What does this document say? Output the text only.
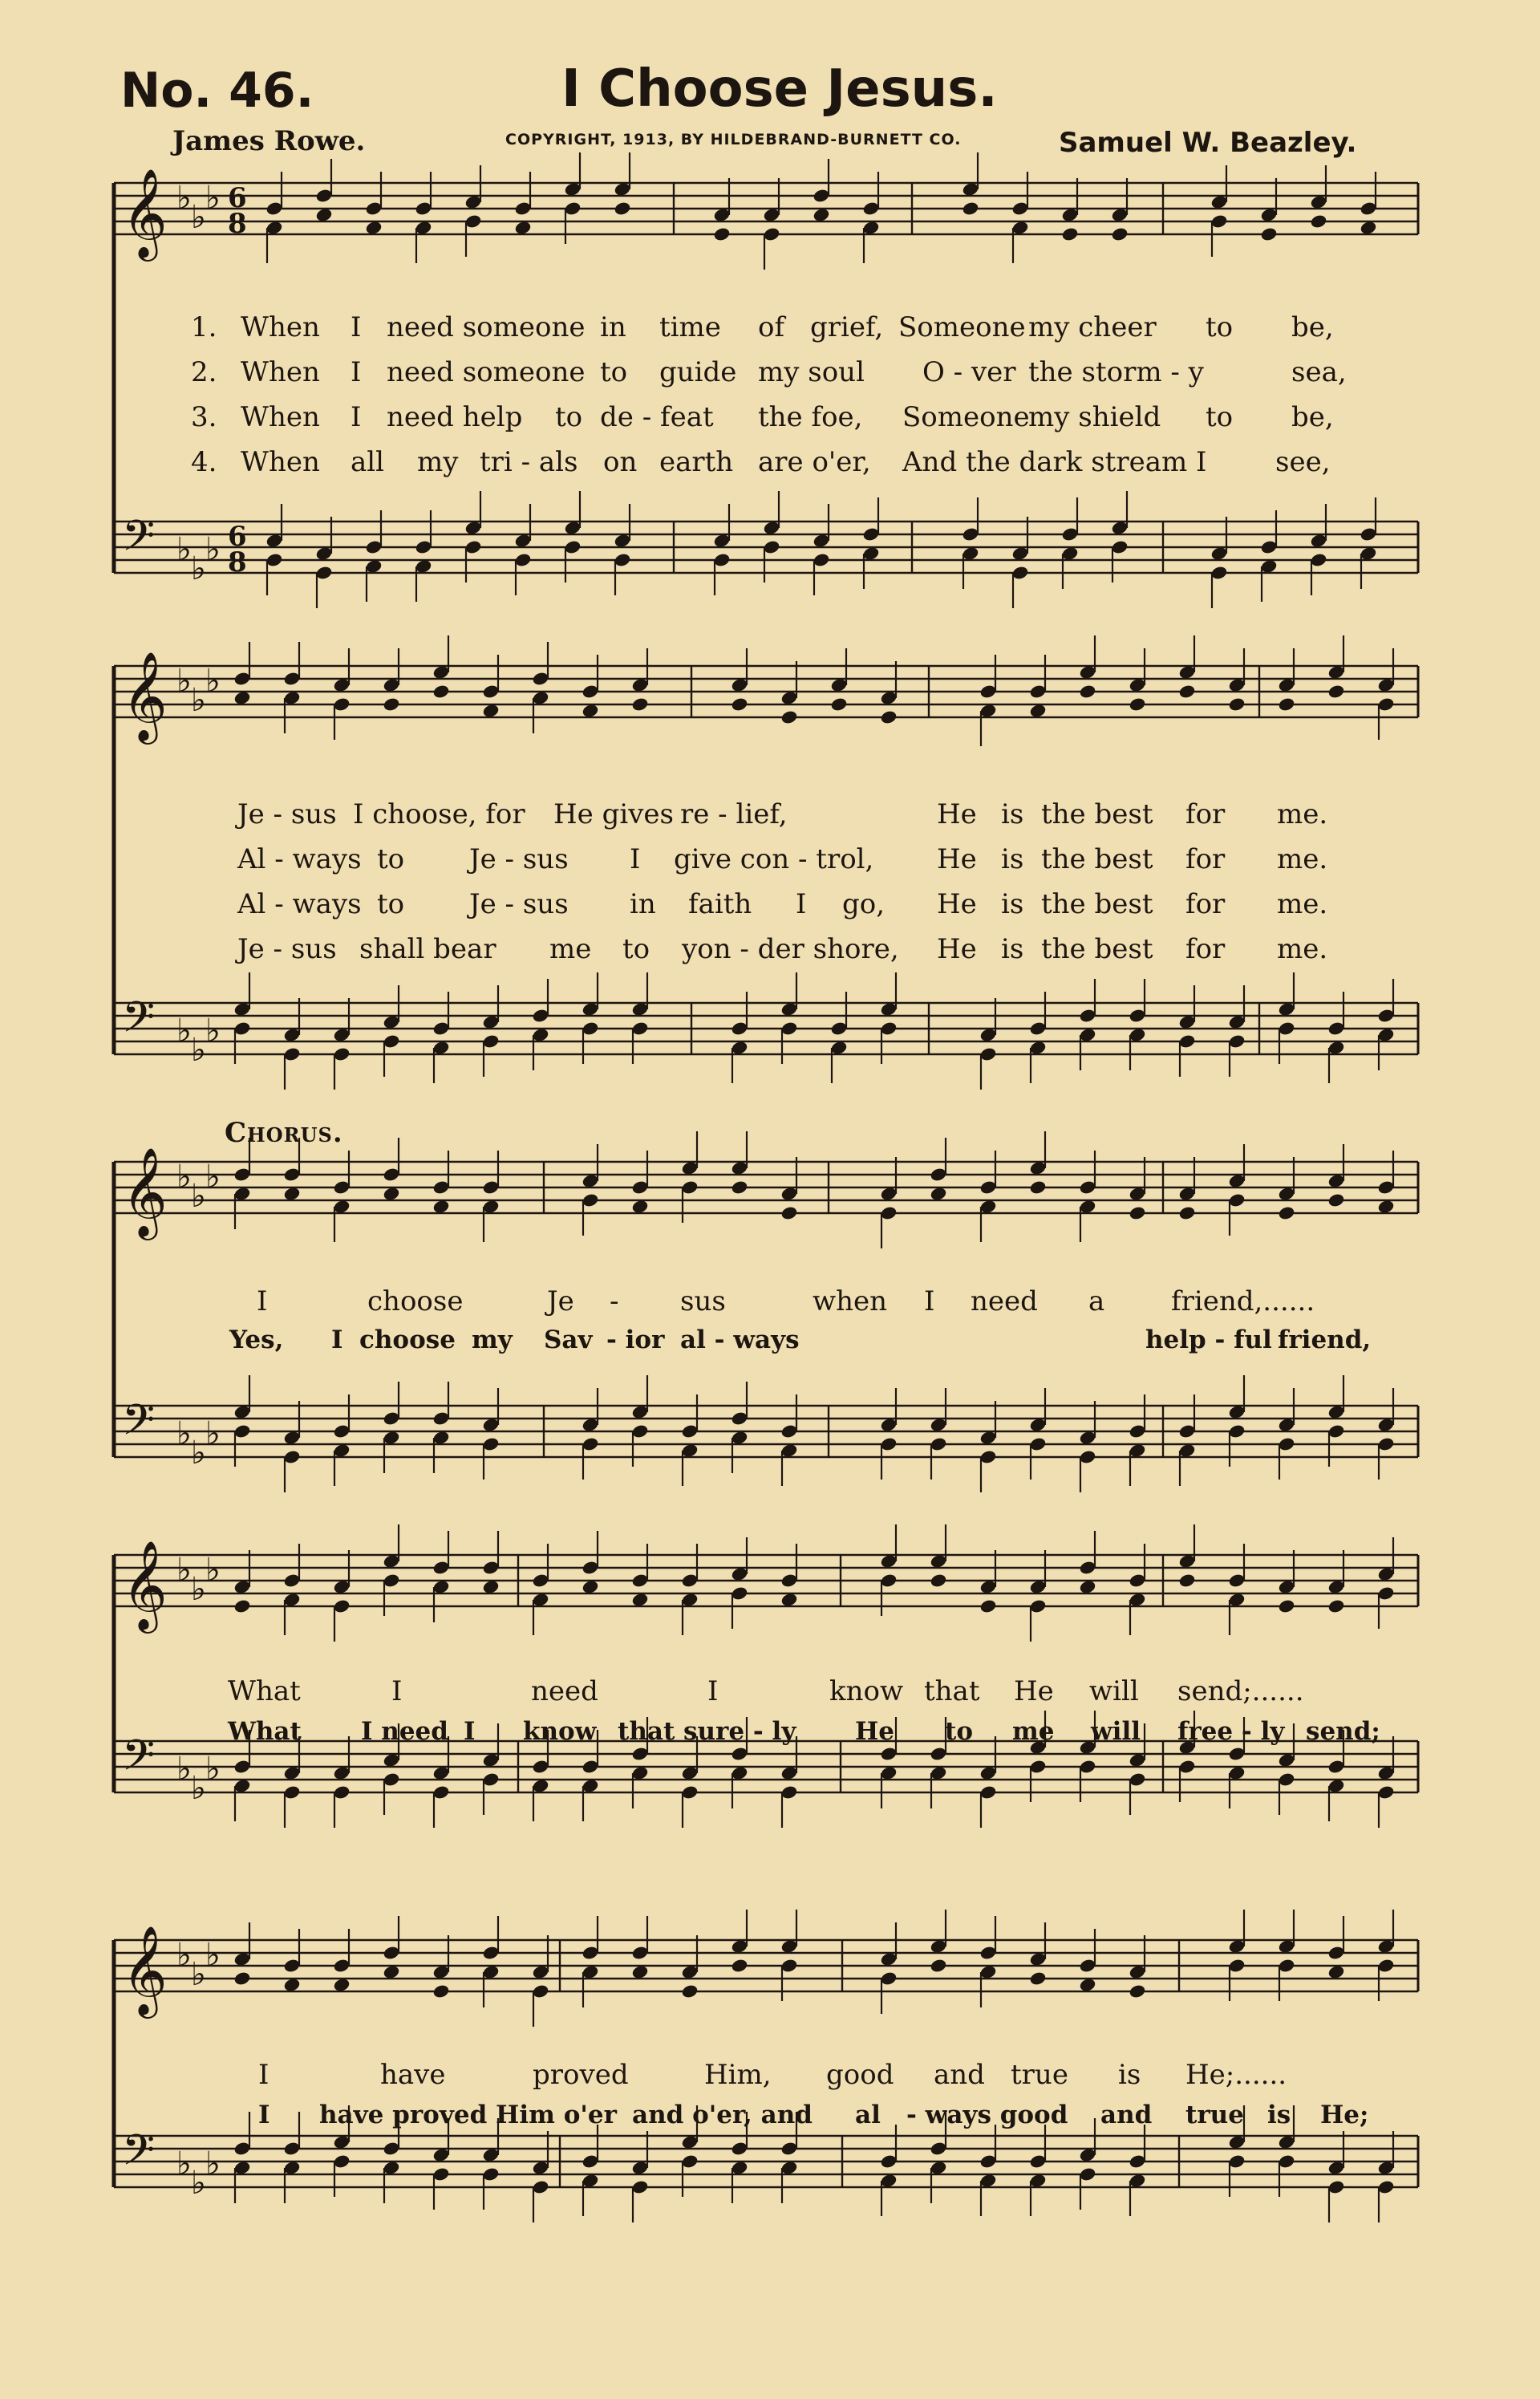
No. 46.	I Choose Jesus.
James Rowe.	COPYRIGHT, 1913, BY HILDEBRAND-BURNETT CO.	Samuel W. Beazley.
𝄞 ♭
♭
♭ 6
8
𝄢 ♭
♭
♭ 6
8
𝄞 ♭
♭
♭
𝄢 ♭
♭
♭
𝄞 ♭
♭
♭
𝄢 ♭
♭
♭
𝄞 ♭
♭
♭
𝄢 ♭
♭
♭
𝄞 ♭
♭
♭
𝄢 ♭
♭
♭
1. When I need someone in time of grief, Someone my cheer to be,
2. When I need someone to guide my soul O - ver the storm - y	sea,
3. When I need help to de - feat the foe, Someone
my shield to be,
4. When all my tri - als on earth are o'er, And the dark stream I	see,
Je - sus I choose, for He gives re - lief,	He is the best for me.
Al - ways to Je - sus I give con - trol, He is the best for me.
Al - ways to Je - sus in faith I go, He is the best for me.
Je - sus shall bear me to yon - der shore, He is the best for me.
Chorus.
I	choose	Je - sus	when I need a friend,......
Yes, I choose my Sav - ior al - ways	help - ful friend,
What	I	need	I	know that He will send;......
What I need I know that sure - ly He to me will free - ly send;
I	have	proved	Him, good and true is He;......
I have proved Him o'er and o'er, and al - ways good and true is He;
